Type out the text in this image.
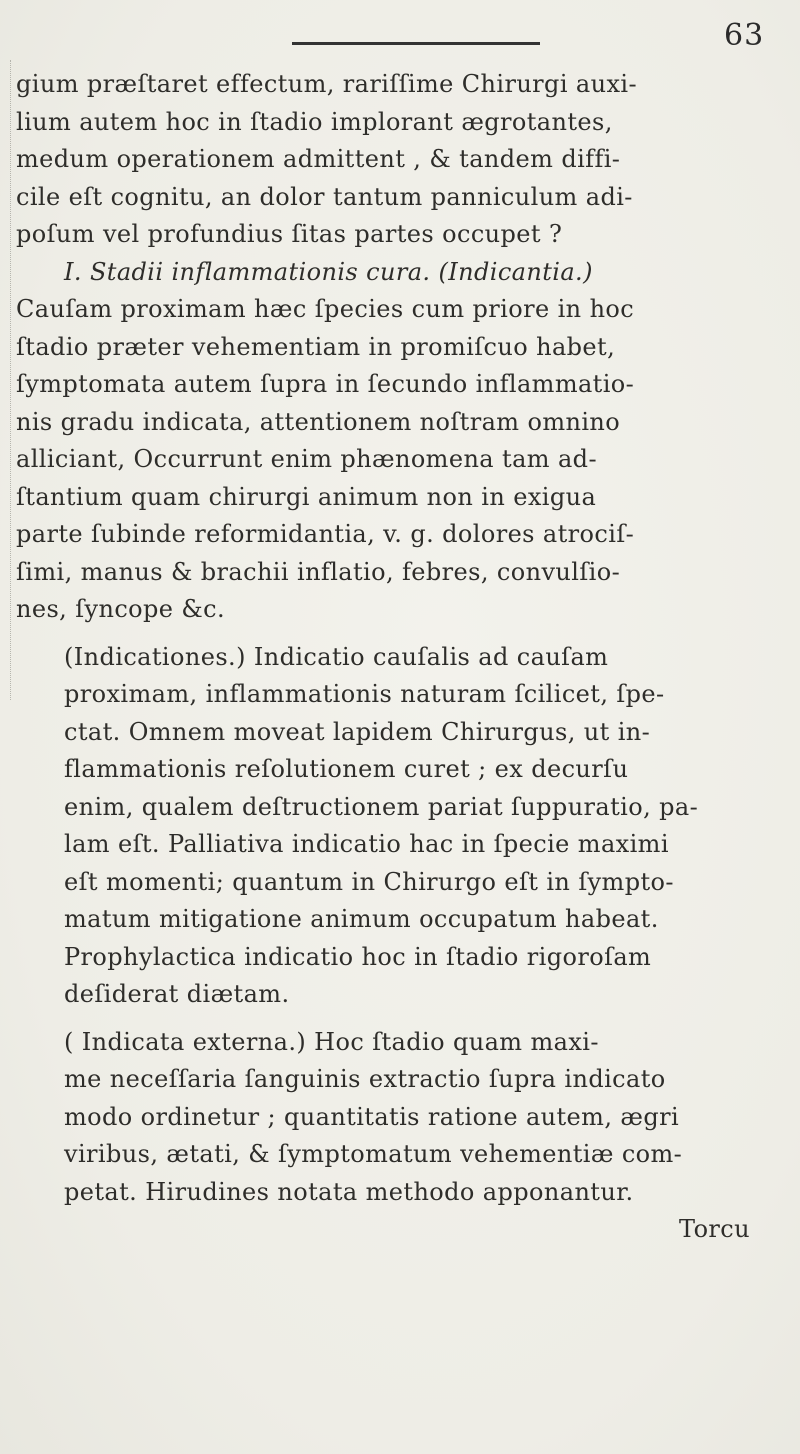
63
gium præſtaret effectum, rariſſime Chirurgi auxi-
lium autem hoc in ſtadio implorant ægrotantes,
medum operationem admittent , & tandem diffi-
cile eſt cognitu, an dolor tantum panniculum adi-
poſum vel profundius ſitas partes occupet ?
I. Stadii inflammationis cura. (Indicantia.)
Cauſam proximam hæc ſpecies cum priore in hoc
ſtadio præter vehementiam in promiſcuo habet,
ſymptomata autem ſupra in ſecundo inflammatio-
nis gradu indicata, attentionem noſtram omnino
alliciant, Occurrunt enim phænomena tam ad-
ſtantium quam chirurgi animum non in exigua
parte ſubinde reformidantia, v. g. dolores atrociſ-
ſimi, manus & brachii inflatio, febres, convulſio-
nes, ſyncope &c.
(Indicationes.) Indicatio cauſalis ad cauſam
proximam, inflammationis naturam ſcilicet, ſpe-
ctat. Omnem moveat lapidem Chirurgus, ut in-
flammationis reſolutionem curet ; ex decurſu
enim, qualem deſtructionem pariat ſuppuratio, pa-
lam eſt. Palliativa indicatio hac in ſpecie maximi
eſt momenti; quantum in Chirurgo eſt in ſympto-
matum mitigatione animum occupatum habeat.
Prophylactica indicatio hoc in ſtadio rigoroſam
deſiderat diætam.
( Indicata externa.) Hoc ſtadio quam maxi-
me neceſſaria ſanguinis extractio ſupra indicato
modo ordinetur ; quantitatis ratione autem, ægri
viribus, ætati, & ſymptomatum vehementiæ com-
petat. Hirudines notata methodo apponantur.
Torcu
